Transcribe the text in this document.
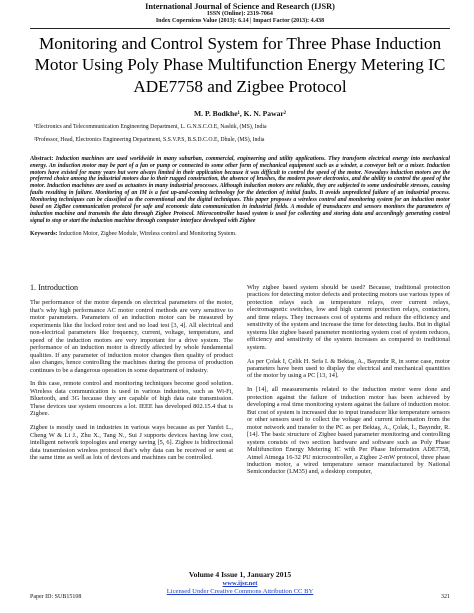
International Journal of Science and Research (IJSR)
ISSN (Online): 2319-7064
Index Copernicus Value (2013): 6.14 | Impact Factor (2013): 4.438
Monitoring and Control System for Three Phase Induction Motor Using Poly Phase Multifunction Energy Metering IC ADE7758 and Zigbee Protocol
M. P. Bodkhe¹, K. N. Pawar²
¹Electronics and Telecommunication Engineering Department, L. G.N.S.C.O.E, Nashik, (MS), India
²Professor, Head, Electronics Engineering Department, S.S.V.P.S, B.S.D.C.O.E, Dhule, (MS), India
Abstract: Induction machines are used worldwide in many suburban, commercial, engineering and utility applications. They transform electrical energy into mechanical energy. An induction motor may be part of a fan or pump or connected to some other form of mechanical equipment such as a winder, a conveyor belt or a mixer. Induction motors have existed for many years but were always limited in their application because it was difficult to control the speed of the motor. Nowadays induction motors are the preferred choice among the industrial motors due to their rugged construction, the absence of brushes, the modern power electronics, and the ability to control the speed of the motor. Induction machines are used as actuators in many industrial processes. Although induction motors are reliable, they are subjected to some undesirable stresses, causing faults resulting in failure. Monitoring of an IM is a fast up-and-coming technology for the detection of initial faults. It avoids unpredicted failure of an industrial process. Monitoring techniques can be classified as the conventional and the digital techniques. This paper proposes a wireless control and monitoring system for an induction motor based on ZigBee communication protocol for safe and economic data communication in industrial fields. A module of transducers and sensors monitors the parameters of induction machine and transmits the data through Zigbee Protocol. Microcontroller based system is used for collecting and storing data and accordingly generating control signal to stop or start the induction machine through computer interface developed with Zigbee
Keywords: Induction Motor, Zigbee Module, Wireless control and Monitoring System.
1. Introduction

The performance of the motor depends on electrical parameters of the motor, that’s why high performance AC motor control methods are very sensitive to motor parameters. Parameters of an induction motor can be measured by experiments like the locked rotor test and no load test [3, 4]. All electrical and non-electrical parameters like frequency, current, voltage, temperature, and speed of the induction motors are very important for a drive system. The performance of an induction motor is directly affected by whole fundamental qualities. If any parameter of induction motor changes then quality of product also changes, hence controlling the machines during the process of production continues to be a dangerous operation in some department of industry.

In this case, remote control and monitoring techniques become good solution. Wireless data communication is used in various industries, such as Wi-Fi, Bluetooth, and 3G because they are capable of high data rate transmission. These devices use system resources a lot. IEEE has developed 802.15.4 that is Zigbee.

Zigbee is mostly used in industries in various ways because as per Yanfei L., Cheng W & Li J., Zhu X., Tang N., Sui J supports devices having low cost, intelligent network topologies and energy saving [5, 6]. Zigbee is bidirectional data transmission wireless protocol that’s why data can be received or sent at the same time as well as lots of devices and machines can be controlled.

Why zigbee based system should be used? Because, traditional protection practices for detecting motor defects and protecting motors use various types of protection relays such as temperature relays, over current relays, electromagnetic switches, low and high current protection relays, contactors, and time relays. They increases cost of systems and reduce the efficiency and sensitivity of the system and increase the time for detecting faults. But in digital systems like zigbee based parameter monitoring system cost of system reduces, efficiency and sensitivity of the system increases as compared to traditional system.

As per Çolak I, Çelik H. Sefa I. & Bektaş, A., Bayındır R, in some case, motor parameters have been used to display the electrical and mechanical quantities of the motor by using a PC [13, 14].

In [14], all measurements related to the induction motor were done and protection against the failure of induction motor has been achieved by developing a real time monitoring system against the failure of induction motor. But cost of system is increased due to input transducer like temperature sensors or other sensors used to collect the voltage and current information from the motor network and transfer to the PC as per Bektaş, A., Çolak, İ., Bayındır, R. [14]. The basic structure of Zigbee based parameter monitoring and controlling system consists of two section hardware and software such as Poly Phase Multifunction Energy Metering IC with Per Phase Information ADE7758, Atmel Atmega 16-32 PU microcontroller, a Zigbee 2-mW protocol, three phase induction motor, a wired temperature sensor manufactured by National Semiconductor (LM35) and, a desktop computer,

Volume 4 Issue 1, January 2015
www.ijsr.net
Licensed Under Creative Commons Attribution CC BY
Paper ID: SUB15108	321
